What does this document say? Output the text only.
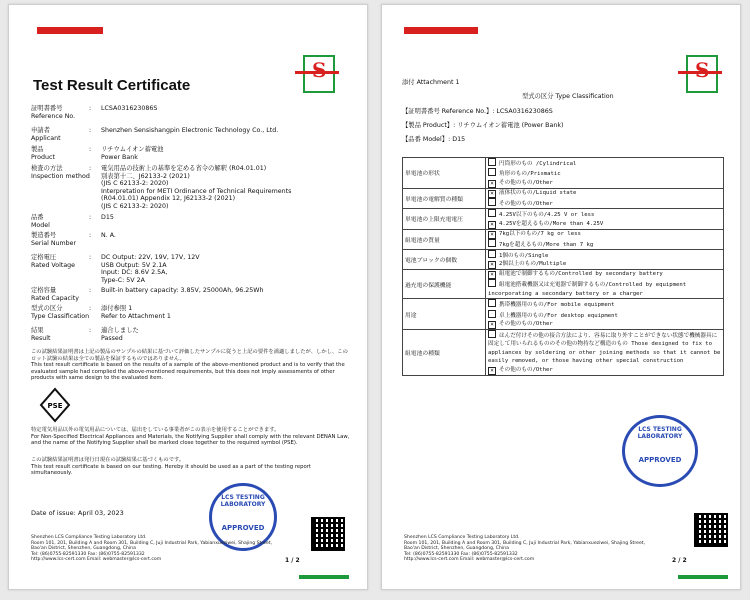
S
Test Result Certificate
証明書番号
Reference No.
: LCSA031623086S
申請者
Applicant
: Shenzhen Sensishangpin Electronic Technology Co., Ltd.
製品
Product
: リチウムイオン蓄電池
Power Bank
検査の方法
Inspection method
: 電気用品の技術上の基準を定める省令の解釈 (R04.01.01)
別表第十二、J62133-2 (2021)
(JIS C 62133-2: 2020)
Interpretation for METI Ordinance of Technical Requirements
(R04.01.01) Appendix 12, J62133-2 (2021)
(JIS C 62133-2: 2020)
品番
Model
: D15
製造番号
Serial Number
: N. A.
定格電圧
Rated Voltage
: DC Output: 22V, 19V, 17V, 12V
USB Output: 5V 2.1A
Input: DC: 8.6V 2.5A,
Type-C: 5V 2A
定格容量
Rated Capacity
: Built-in battery capacity: 3.85V, 25000Ah, 96.25Wh
型式の区分
Type Classification
: 添付参照 1
Refer to Attachment 1
結果
Result
: 適合しました
Passed
この試験結果証明書は上記の製品のサンプルの結果に基づいて評価したサンプルに従うと上記の要件を満適しましたが、しかし、このロット試験の結果は全ての製品を保証するものではありません。
This test result certificate is based on the results of a sample of the above-mentioned product and is to verify that the evaluated sample had complied the above-mentioned requirements, but this does not imply assessments of other products with same design to the evaluated item.
PSE
特定電気用品以外の電気用品については、届出をしている事業者がこの表示を使用することができます。
For Non-Specified Electrical Appliances and Materials, the Notifying Supplier shall comply with the relevant DENAN Law, and the name of the Notifying Supplier shall be marked close together to the required symbol (PSE).
この試験結果証明書は発行日現在の試験結果に基づくものです。
This test result certificate is based on our testing. Hereby it should be used as a part of the testing report simultaneously.
Date of issue: April 03, 2023
LCS TESTING LABORATORY
APPROVED
Shenzhen LCS Compliance Testing Laboratory Ltd.
Room 101, 201, Building A and Room 301, Building C, Juji Industrial Park, Yabianxueziwei, Shajing Street,
Bao'an District, Shenzhen, Guangdong, China
Tel: (86)0755-82591330 Fax: (86)0755-82591332
http://www.lcs-cert.com Email: webmaster@lcs-cert.com	1 / 2
S
添付 Attachment 1
型式の区分 Type Classification
【証明書番号 Reference No.】: LCSA031623086S
【製品 Product】: リチウムイオン蓄電池 (Power Bank)
【品番 Model】: D15
単電池の形状	円筒形のもの /Cylindrical
角形のもの/Prismatic
× その他のもの/Other

単電池の電解質の種類	× 液体状のもの/Liquid state
その他のもの/Other

単電池の上限充電電圧	4.25V以下のもの/4.25 V or less
× 4.25Vを超えるもの/More than 4.25V

組電池の質量	× 7kg以下のもの/7 kg or less
7kgを超えるもの/More than 7 kg

電池ブロックの個数	1個のもの/Single
× 2個以上のもの/Multiple

過充電の保護機能	× 組電池で制御するもの/Controlled by secondary battery
組電池搭載機器又は充電器で制御するもの/Controlled by equipment incorporating a secondary battery or a charger

用途	携帯機器用のもの/For mobile equipment
卓上機器用のもの/For desktop equipment
× その他のもの/Other

組電池の種類	はんだ付けその他の接合方法により、容易に取り外すことができない状態で機械器具に固定して用いられるもののその他の物持など構造のもの Those designed to fix to appliances by soldering or other joining methods so that it cannot be easily removed, or those having other special construction
× その他のもの/Other
LCS TESTING LABORATORY
APPROVED
Shenzhen LCS Compliance Testing Laboratory Ltd.
Room 101, 201, Building A and Room 301, Building C, Juji Industrial Park, Yabianxueziwei, Shajing Street,
Bao'an District, Shenzhen, Guangdong, China
Tel: (86)0755-82591330 Fax: (86)0755-82591332
http://www.lcs-cert.com Email: webmaster@lcs-cert.com	2 / 2
